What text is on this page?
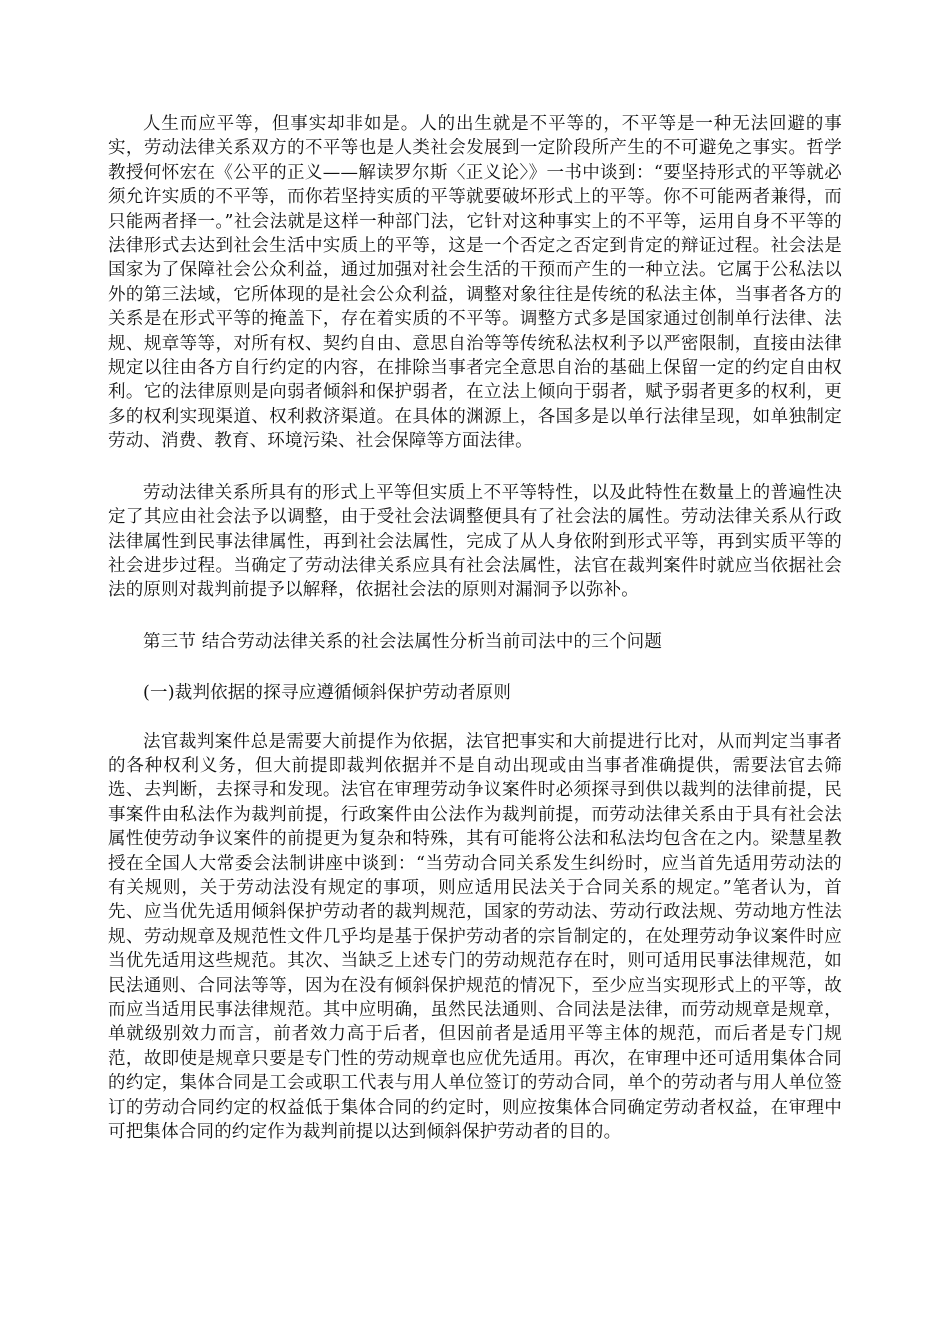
人生而应平等，但事实却非如是。人的出生就是不平等的，不平等是一种无法回避的事实，劳动法律关系双方的不平等也是人类社会发展到一定阶段所产生的不可避免之事实。哲学教授何怀宏在《公平的正义——解读罗尔斯〈正义论〉》一书中谈到：“要坚持形式的平等就必须允许实质的不平等，而你若坚持实质的平等就要破坏形式上的平等。你不可能两者兼得，而只能两者择一。”社会法就是这样一种部门法，它针对这种事实上的不平等，运用自身不平等的法律形式去达到社会生活中实质上的平等，这是一个否定之否定到肯定的辩证过程。社会法是国家为了保障社会公众利益，通过加强对社会生活的干预而产生的一种立法。它属于公私法以外的第三法域，它所体现的是社会公众利益，调整对象往往是传统的私法主体，当事者各方的关系是在形式平等的掩盖下，存在着实质的不平等。调整方式多是国家通过创制单行法律、法规、规章等等，对所有权、契约自由、意思自治等等传统私法权利予以严密限制，直接由法律规定以往由各方自行约定的内容，在排除当事者完全意思自治的基础上保留一定的约定自由权利。它的法律原则是向弱者倾斜和保护弱者，在立法上倾向于弱者，赋予弱者更多的权利，更多的权利实现渠道、权利救济渠道。在具体的渊源上，各国多是以单行法律呈现，如单独制定劳动、消费、教育、环境污染、社会保障等方面法律。

劳动法律关系所具有的形式上平等但实质上不平等特性，以及此特性在数量上的普遍性决定了其应由社会法予以调整，由于受社会法调整便具有了社会法的属性。劳动法律关系从行政法律属性到民事法律属性，再到社会法属性，完成了从人身依附到形式平等，再到实质平等的社会进步过程。当确定了劳动法律关系应具有社会法属性，法官在裁判案件时就应当依据社会法的原则对裁判前提予以解释，依据社会法的原则对漏洞予以弥补。

第三节 结合劳动法律关系的社会法属性分析当前司法中的三个问题

(一)裁判依据的探寻应遵循倾斜保护劳动者原则

法官裁判案件总是需要大前提作为依据，法官把事实和大前提进行比对，从而判定当事者的各种权利义务，但大前提即裁判依据并不是自动出现或由当事者准确提供，需要法官去筛选、去判断，去探寻和发现。法官在审理劳动争议案件时必须探寻到供以裁判的法律前提，民事案件由私法作为裁判前提，行政案件由公法作为裁判前提，而劳动法律关系由于具有社会法属性使劳动争议案件的前提更为复杂和特殊，其有可能将公法和私法均包含在之内。梁慧星教授在全国人大常委会法制讲座中谈到：“当劳动合同关系发生纠纷时，应当首先适用劳动法的有关规则，关于劳动法没有规定的事项，则应适用民法关于合同关系的规定。”笔者认为，首先、应当优先适用倾斜保护劳动者的裁判规范，国家的劳动法、劳动行政法规、劳动地方性法规、劳动规章及规范性文件几乎均是基于保护劳动者的宗旨制定的，在处理劳动争议案件时应当优先适用这些规范。其次、当缺乏上述专门的劳动规范存在时，则可适用民事法律规范，如民法通则、合同法等等，因为在没有倾斜保护规范的情况下，至少应当实现形式上的平等，故而应当适用民事法律规范。其中应明确，虽然民法通则、合同法是法律，而劳动规章是规章，单就级别效力而言，前者效力高于后者，但因前者是适用平等主体的规范，而后者是专门规范，故即使是规章只要是专门性的劳动规章也应优先适用。再次，在审理中还可适用集体合同的约定，集体合同是工会或职工代表与用人单位签订的劳动合同，单个的劳动者与用人单位签订的劳动合同约定的权益低于集体合同的约定时，则应按集体合同确定劳动者权益，在审理中可把集体合同的约定作为裁判前提以达到倾斜保护劳动者的目的。
